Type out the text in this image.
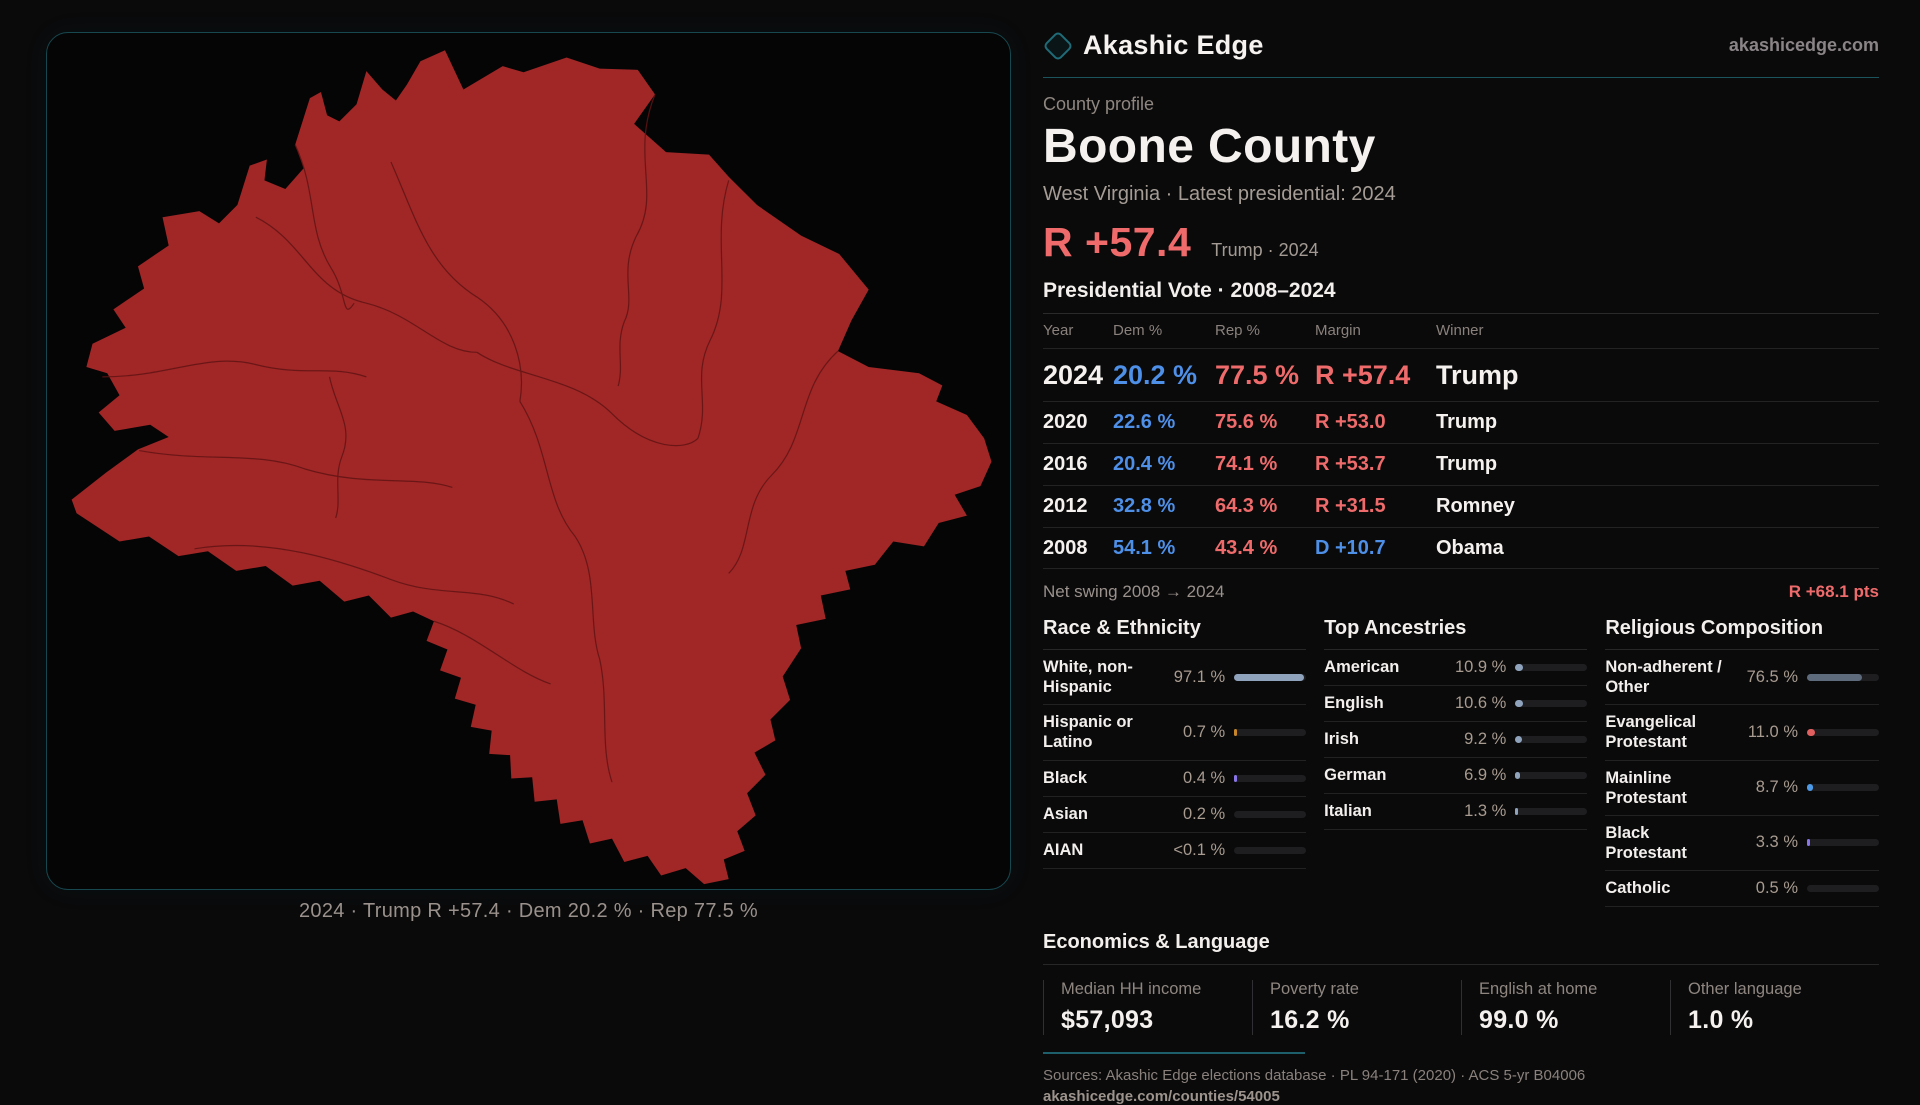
2024 · Trump R +57.4 · Dem 20.2 % · Rep 77.5 %
Akashic Edge	akashicedge.com
County profile
Boone County
West Virginia · Latest presidential: 2024
R +57.4 Trump · 2024
Presidential Vote · 2008–2024
Year	Dem %	Rep %	Margin	Winner
2024 20.2 % 77.5 % R +57.4 Trump
2020	22.6 %	75.6 %	R +53.0	Trump
2016	20.4 %	74.1 %	R +53.7	Trump
2012	32.8 %	64.3 %	R +31.5	Romney
2008	54.1 %	43.4 %	D +10.7	Obama
Net swing 2008 → 2024	R +68.1 pts
Race & Ethnicity
White, non-Hispanic
97.1 %
Hispanic or Latino
0.7 %
Black	0.4 %
Asian	0.2 %
AIAN	<0.1 %
Top Ancestries
American	10.9 %
English	10.6 %
Irish	9.2 %
German	6.9 %
Italian	1.3 %
Religious Composition
Non-adherent / Other
76.5 %
Evangelical Protestant
11.0 %
Mainline Protestant
8.7 %
Black Protestant
3.3 %
Catholic	0.5 %
Economics & Language
Median HH income
$57,093
Poverty rate
16.2 %
English at home
99.0 %
Other language
1.0 %
Sources: Akashic Edge elections database · PL 94-171 (2020) · ACS 5-yr B04006
akashicedge.com/counties/54005
